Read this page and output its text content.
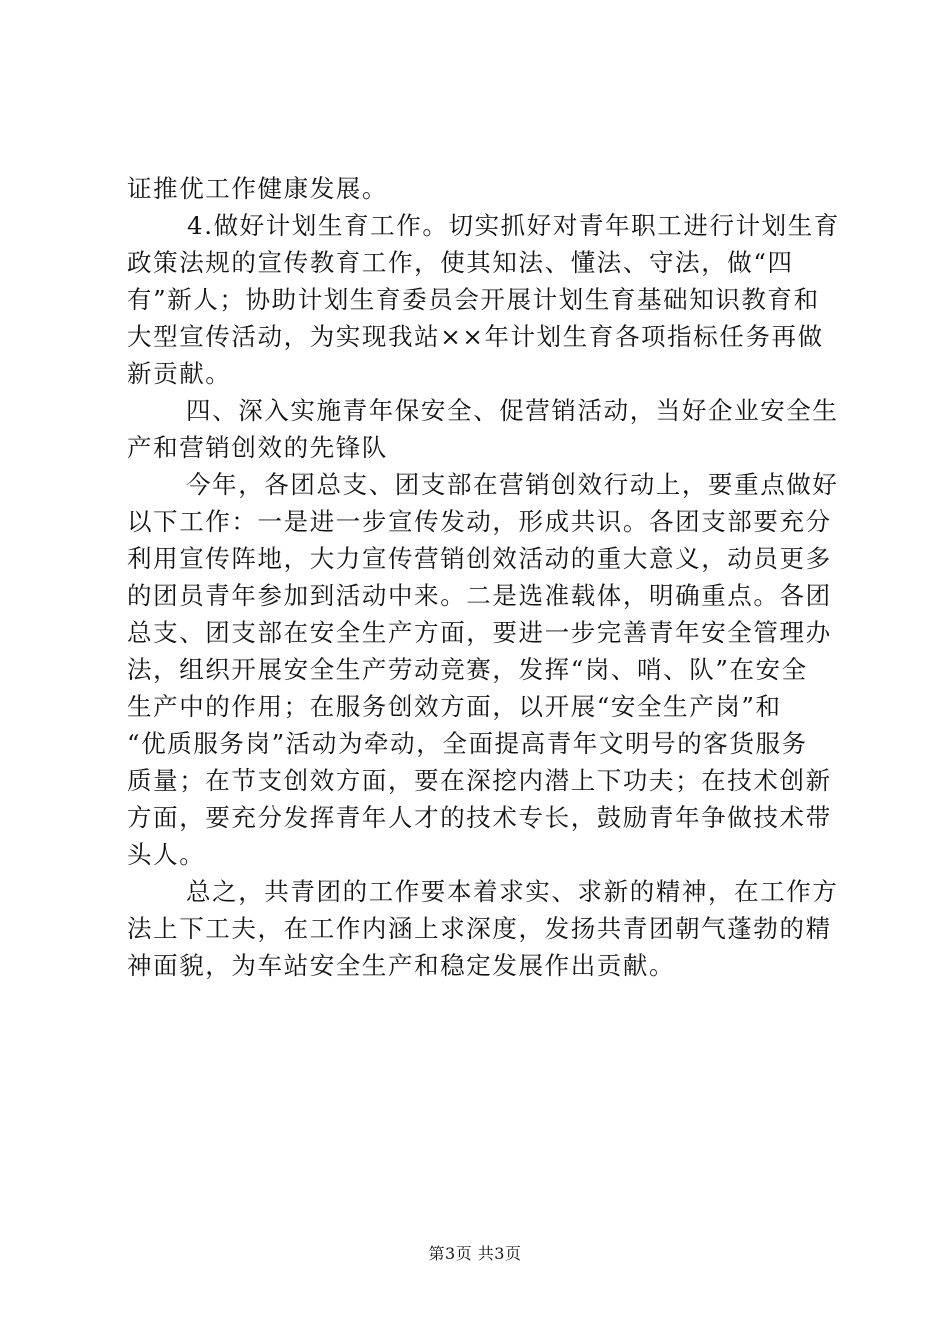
证推优工作健康发展。
4.做好计划生育工作。切实抓好对青年职工进行计划生育
政策法规的宣传教育工作，使其知法、懂法、守法，做“四
有”新人；协助计划生育委员会开展计划生育基础知识教育和
大型宣传活动，为实现我站××年计划生育各项指标任务再做
新贡献。
四、深入实施青年保安全、促营销活动，当好企业安全生
产和营销创效的先锋队
今年，各团总支、团支部在营销创效行动上，要重点做好
以下工作：一是进一步宣传发动，形成共识。各团支部要充分
利用宣传阵地，大力宣传营销创效活动的重大意义，动员更多
的团员青年参加到活动中来。二是选准载体，明确重点。各团
总支、团支部在安全生产方面，要进一步完善青年安全管理办
法，组织开展安全生产劳动竞赛，发挥“岗、哨、队”在安全
生产中的作用；在服务创效方面，以开展“安全生产岗”和
“优质服务岗”活动为牵动，全面提高青年文明号的客货服务
质量；在节支创效方面，要在深挖内潜上下功夫；在技术创新
方面，要充分发挥青年人才的技术专长，鼓励青年争做技术带
头人。
总之，共青团的工作要本着求实、求新的精神，在工作方
法上下工夫，在工作内涵上求深度，发扬共青团朝气蓬勃的精
神面貌，为车站安全生产和稳定发展作出贡献。
第3页 共3页
